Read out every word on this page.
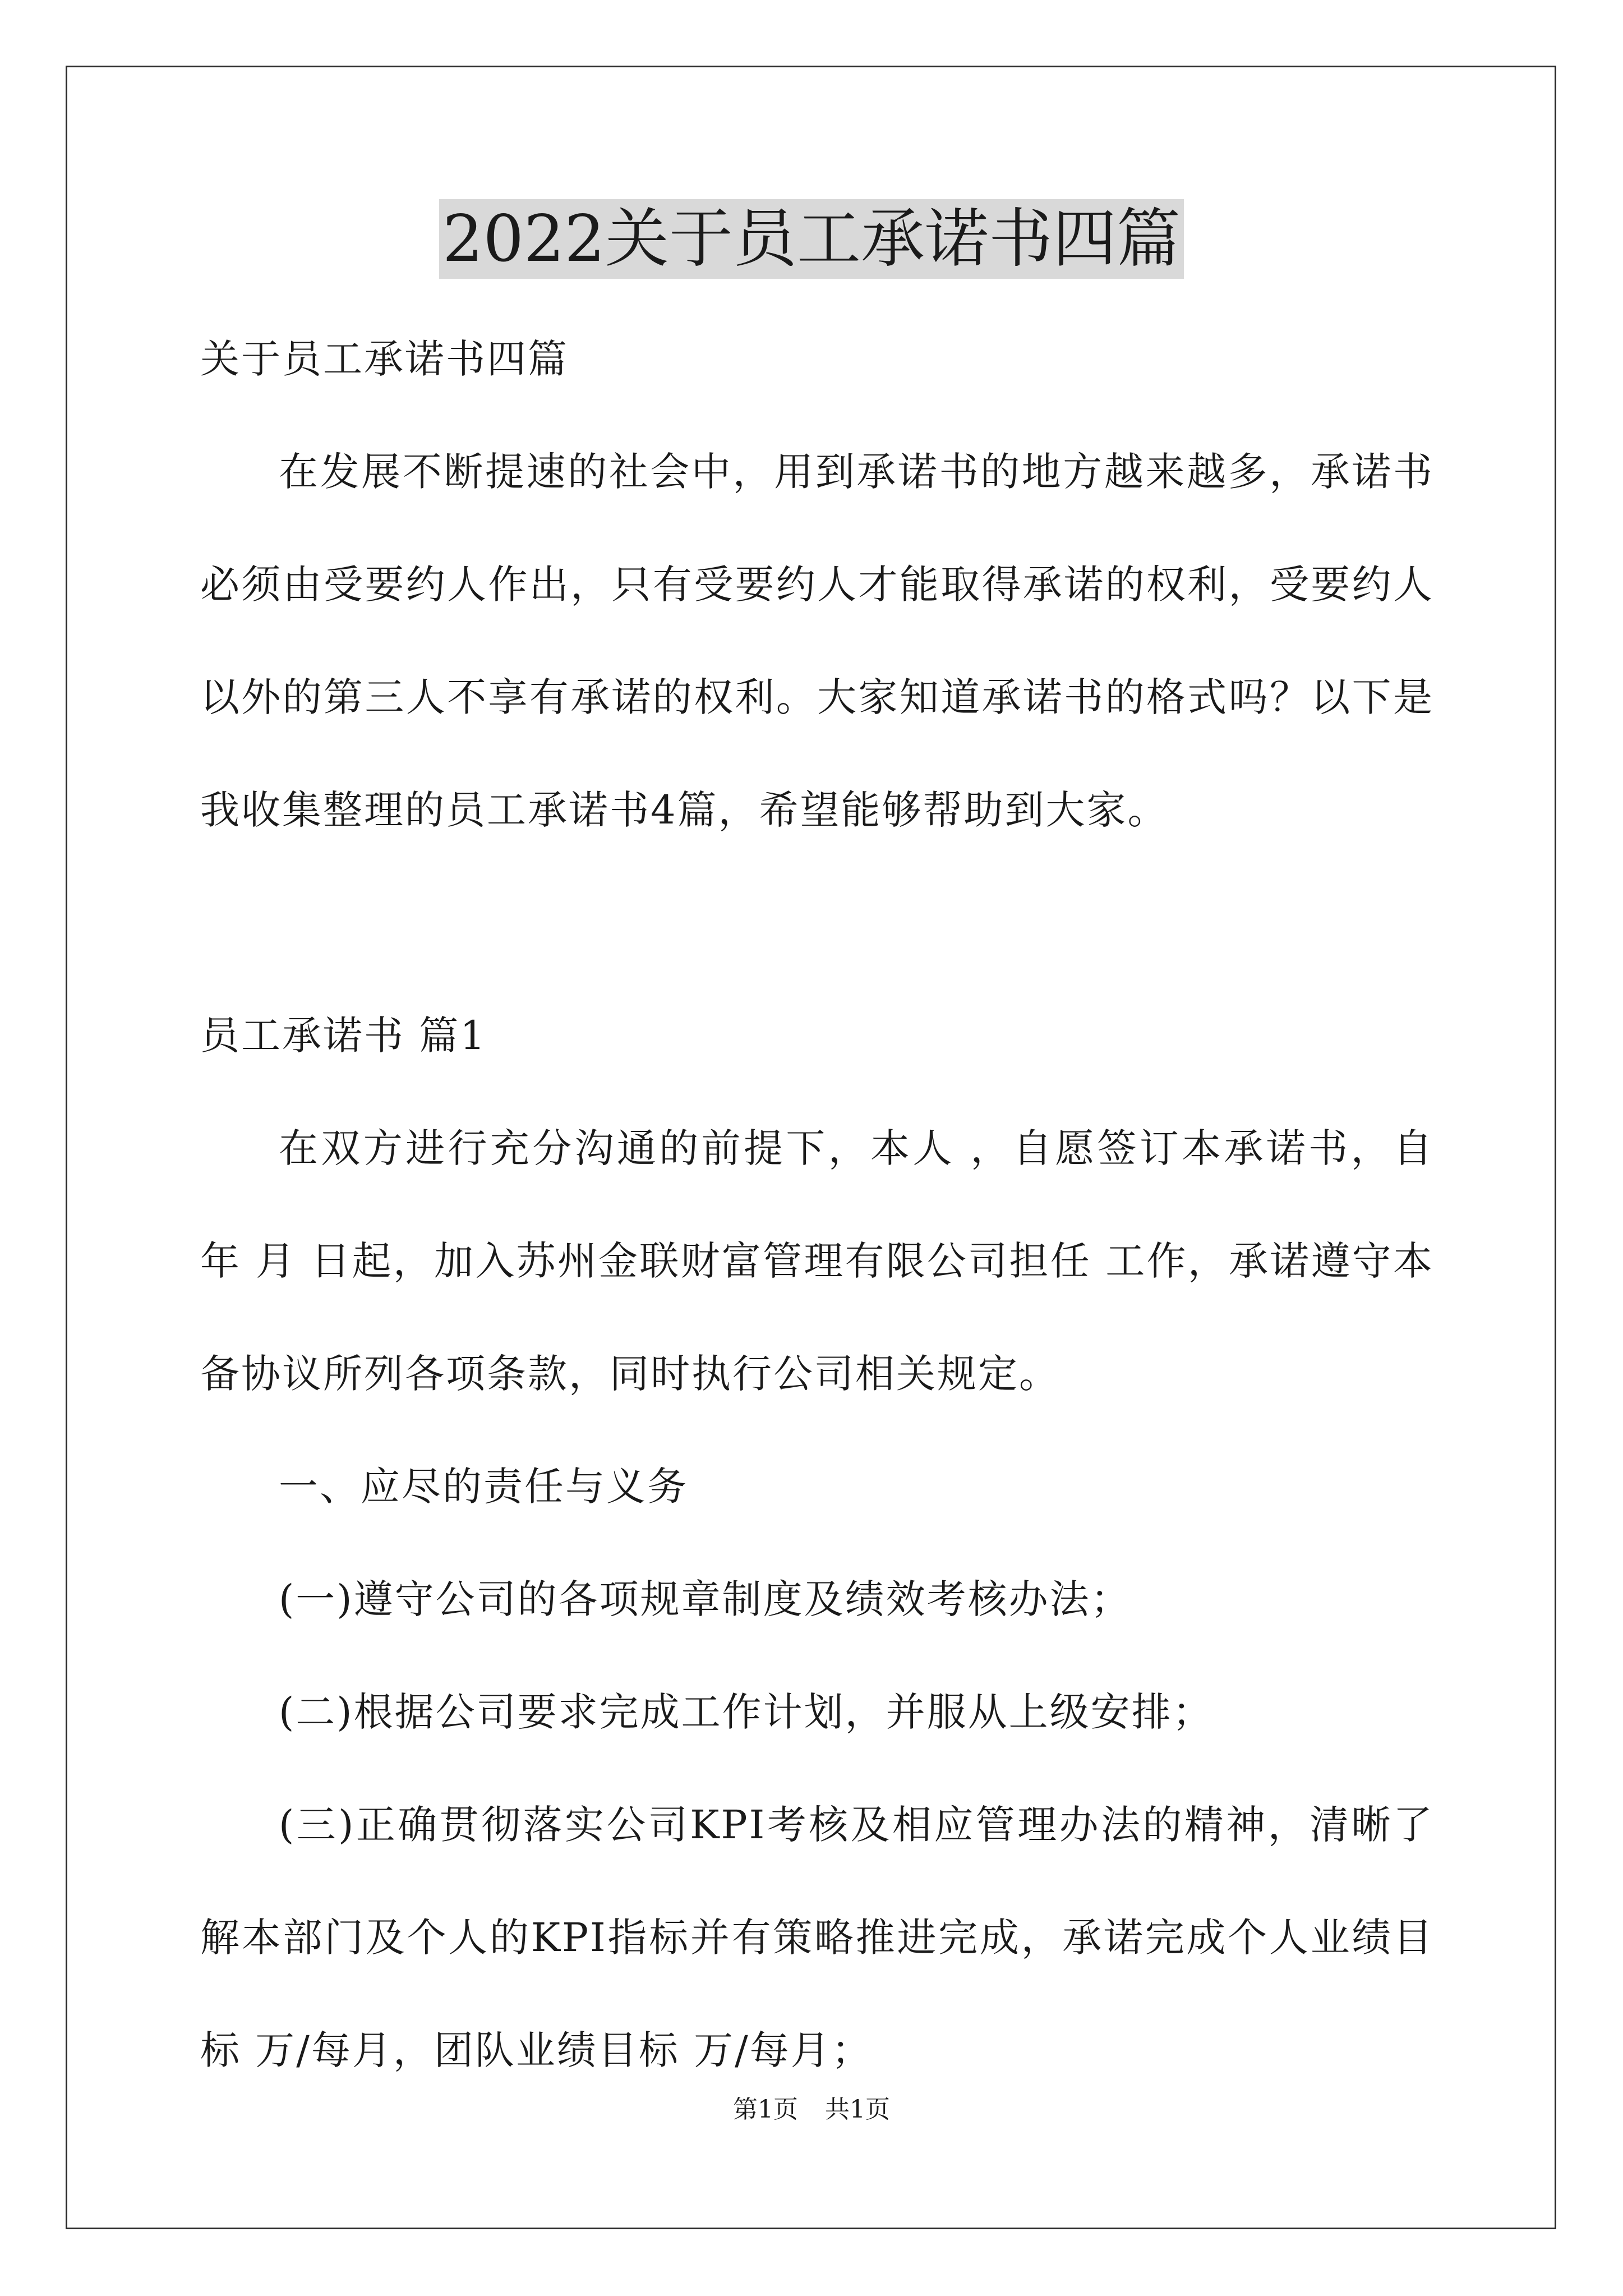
2022关于员工承诺书四篇

关于员工承诺书四篇

在发展不断提速的社会中，用到承诺书的地方越来越多，承诺书必须由受要约人作出，只有受要约人才能取得承诺的权利，受要约人以外的第三人不享有承诺的权利。大家知道承诺书的格式吗？以下是我收集整理的员工承诺书4篇，希望能够帮助到大家。

员工承诺书 篇1

在双方进行充分沟通的前提下，本人 ，自愿签订本承诺书，自 年 月 日起，加入苏州金联财富管理有限公司担任 工作，承诺遵守本备协议所列各项条款，同时执行公司相关规定。

一、应尽的责任与义务

(一)遵守公司的各项规章制度及绩效考核办法；

(二)根据公司要求完成工作计划，并服从上级安排；

(三)正确贯彻落实公司KPI考核及相应管理办法的精神，清晰了解本部门及个人的KPI指标并有策略推进完成，承诺完成个人业绩目标 万/每月，团队业绩目标 万/每月；

第1页 共1页
